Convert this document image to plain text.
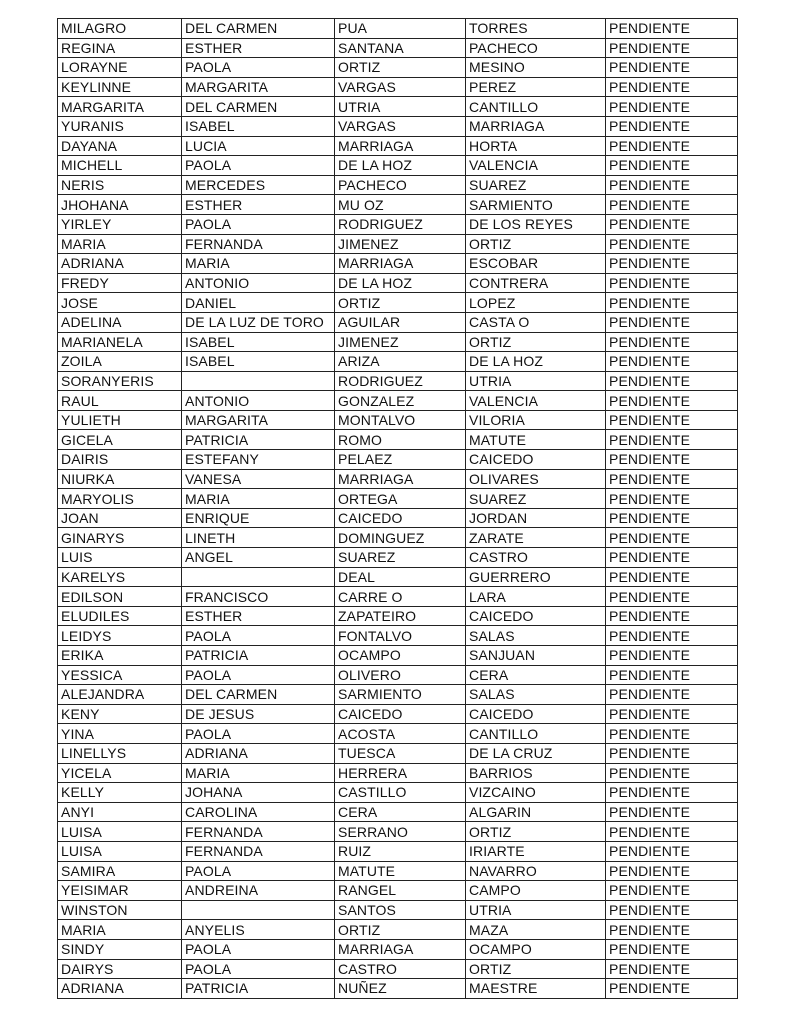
MILAGRO	DEL CARMEN	PUA	TORRES	PENDIENTE
REGINA	ESTHER	SANTANA	PACHECO	PENDIENTE
LORAYNE	PAOLA	ORTIZ	MESINO	PENDIENTE
KEYLINNE	MARGARITA	VARGAS	PEREZ	PENDIENTE
MARGARITA	DEL CARMEN	UTRIA	CANTILLO	PENDIENTE
YURANIS	ISABEL	VARGAS	MARRIAGA	PENDIENTE
DAYANA	LUCIA	MARRIAGA	HORTA	PENDIENTE
MICHELL	PAOLA	DE LA HOZ	VALENCIA	PENDIENTE
NERIS	MERCEDES	PACHECO	SUAREZ	PENDIENTE
JHOHANA	ESTHER	MU OZ	SARMIENTO	PENDIENTE
YIRLEY	PAOLA	RODRIGUEZ	DE LOS REYES	PENDIENTE
MARIA	FERNANDA	JIMENEZ	ORTIZ	PENDIENTE
ADRIANA	MARIA	MARRIAGA	ESCOBAR	PENDIENTE
FREDY	ANTONIO	DE LA HOZ	CONTRERA	PENDIENTE
JOSE	DANIEL	ORTIZ	LOPEZ	PENDIENTE
ADELINA	DE LA LUZ DE TORO	AGUILAR	CASTA O	PENDIENTE
MARIANELA	ISABEL	JIMENEZ	ORTIZ	PENDIENTE
ZOILA	ISABEL	ARIZA	DE LA HOZ	PENDIENTE
SORANYERIS		RODRIGUEZ	UTRIA	PENDIENTE
RAUL	ANTONIO	GONZALEZ	VALENCIA	PENDIENTE
YULIETH	MARGARITA	MONTALVO	VILORIA	PENDIENTE
GICELA	PATRICIA	ROMO	MATUTE	PENDIENTE
DAIRIS	ESTEFANY	PELAEZ	CAICEDO	PENDIENTE
NIURKA	VANESA	MARRIAGA	OLIVARES	PENDIENTE
MARYOLIS	MARIA	ORTEGA	SUAREZ	PENDIENTE
JOAN	ENRIQUE	CAICEDO	JORDAN	PENDIENTE
GINARYS	LINETH	DOMINGUEZ	ZARATE	PENDIENTE
LUIS	ANGEL	SUAREZ	CASTRO	PENDIENTE
KARELYS		DEAL	GUERRERO	PENDIENTE
EDILSON	FRANCISCO	CARRE O	LARA	PENDIENTE
ELUDILES	ESTHER	ZAPATEIRO	CAICEDO	PENDIENTE
LEIDYS	PAOLA	FONTALVO	SALAS	PENDIENTE
ERIKA	PATRICIA	OCAMPO	SANJUAN	PENDIENTE
YESSICA	PAOLA	OLIVERO	CERA	PENDIENTE
ALEJANDRA	DEL CARMEN	SARMIENTO	SALAS	PENDIENTE
KENY	DE JESUS	CAICEDO	CAICEDO	PENDIENTE
YINA	PAOLA	ACOSTA	CANTILLO	PENDIENTE
LINELLYS	ADRIANA	TUESCA	DE LA CRUZ	PENDIENTE
YICELA	MARIA	HERRERA	BARRIOS	PENDIENTE
KELLY	JOHANA	CASTILLO	VIZCAINO	PENDIENTE
ANYI	CAROLINA	CERA	ALGARIN	PENDIENTE
LUISA	FERNANDA	SERRANO	ORTIZ	PENDIENTE
LUISA	FERNANDA	RUIZ	IRIARTE	PENDIENTE
SAMIRA	PAOLA	MATUTE	NAVARRO	PENDIENTE
YEISIMAR	ANDREINA	RANGEL	CAMPO	PENDIENTE
WINSTON		SANTOS	UTRIA	PENDIENTE
MARIA	ANYELIS	ORTIZ	MAZA	PENDIENTE
SINDY	PAOLA	MARRIAGA	OCAMPO	PENDIENTE
DAIRYS	PAOLA	CASTRO	ORTIZ	PENDIENTE
ADRIANA	PATRICIA	NUÑEZ	MAESTRE	PENDIENTE
